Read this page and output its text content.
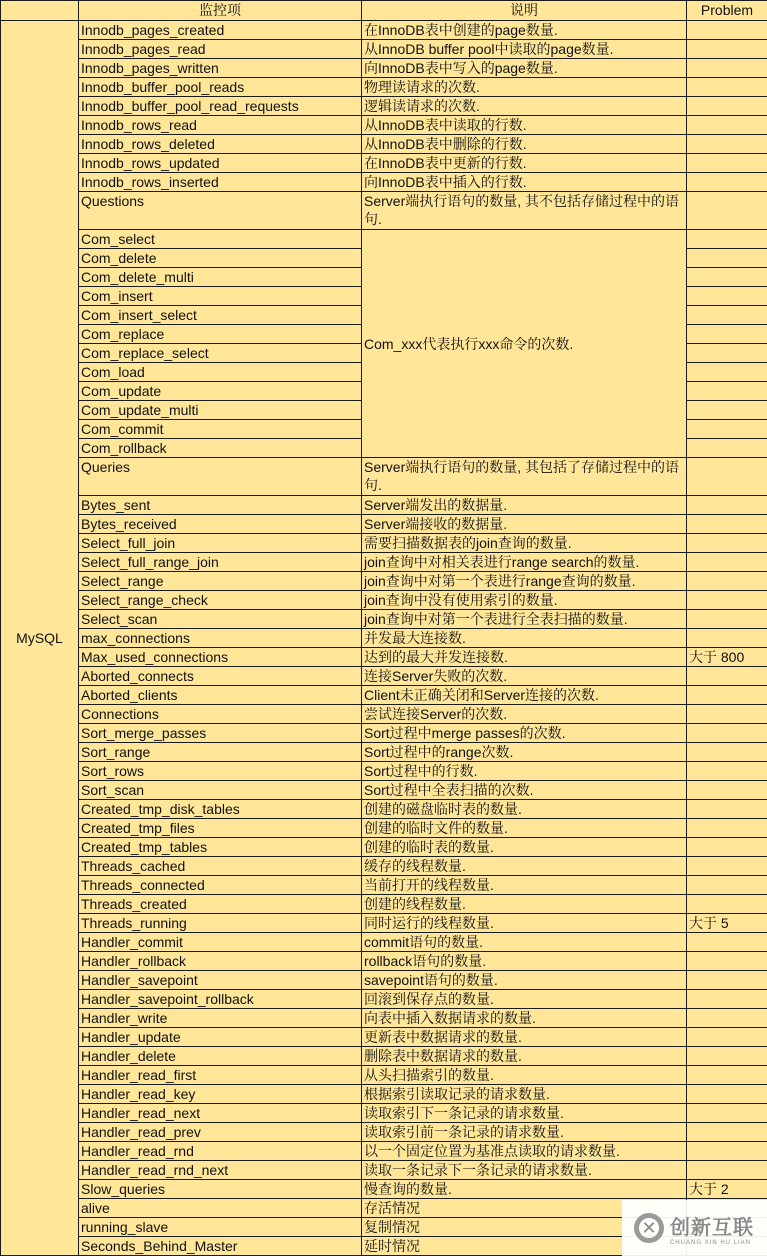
	监控项	说明	Problem
MySQL	Innodb_pages_created	在InnoDB表中创建的page数量.	
	Innodb_pages_read	从InnoDB buffer pool中读取的page数量.	
	Innodb_pages_written	向InnoDB表中写入的page数量.	
	Innodb_buffer_pool_reads	物理读请求的次数.	
	Innodb_buffer_pool_read_requests	逻辑读请求的次数.	
	Innodb_rows_read	从InnoDB表中读取的行数.	
	Innodb_rows_deleted	从InnoDB表中删除的行数.	
	Innodb_rows_updated	在InnoDB表中更新的行数.	
	Innodb_rows_inserted	向InnoDB表中插入的行数.	
	Questions	Server端执行语句的数量, 其不包括存储过程中的语句.	
	Com_select	Com_xxx代表执行xxx命令的次数.	
	Com_delete		
	Com_delete_multi		
	Com_insert		
	Com_insert_select		
	Com_replace		
	Com_replace_select		
	Com_load		
	Com_update		
	Com_update_multi		
	Com_commit		
	Com_rollback		
	Queries	Server端执行语句的数量, 其包括了存储过程中的语句.	
	Bytes_sent	Server端发出的数据量.	
	Bytes_received	Server端接收的数据量.	
	Select_full_join	需要扫描数据表的join查询的数量.	
	Select_full_range_join	join查询中对相关表进行range search的数量.	
	Select_range	join查询中对第一个表进行range查询的数量.	
	Select_range_check	join查询中没有使用索引的数量.	
	Select_scan	join查询中对第一个表进行全表扫描的数量.	
	max_connections	并发最大连接数.	
	Max_used_connections	达到的最大并发连接数.	大于 800
	Aborted_connects	连接Server失败的次数.	
	Aborted_clients	Client未正确关闭和Server连接的次数.	
	Connections	尝试连接Server的次数.	
	Sort_merge_passes	Sort过程中merge passes的次数.	
	Sort_range	Sort过程中的range次数.	
	Sort_rows	Sort过程中的行数.	
	Sort_scan	Sort过程中全表扫描的次数.	
	Created_tmp_disk_tables	创建的磁盘临时表的数量.	
	Created_tmp_files	创建的临时文件的数量.	
	Created_tmp_tables	创建的临时表的数量.	
	Threads_cached	缓存的线程数量.	
	Threads_connected	当前打开的线程数量.	
	Threads_created	创建的线程数量.	
	Threads_running	同时运行的线程数量.	大于 5
	Handler_commit	commit语句的数量.	
	Handler_rollback	rollback语句的数量.	
	Handler_savepoint	savepoint语句的数量.	
	Handler_savepoint_rollback	回滚到保存点的数量.	
	Handler_write	向表中插入数据请求的数量.	
	Handler_update	更新表中数据请求的数量.	
	Handler_delete	删除表中数据请求的数量.	
	Handler_read_first	从头扫描索引的数量.	
	Handler_read_key	根据索引读取记录的请求数量.	
	Handler_read_next	读取索引下一条记录的请求数量.	
	Handler_read_prev	读取索引前一条记录的请求数量.	
	Handler_read_rnd	以一个固定位置为基准点读取的请求数量.	
	Handler_read_rnd_next	读取一条记录下一条记录的请求数量.	
	Slow_queries	慢查询的数量.	大于 2
	alive	存活情况	
	running_slave	复制情况	
	Seconds_Behind_Master	延时情况	
✕ 创新互联
CHUANG XIN HU LIAN
